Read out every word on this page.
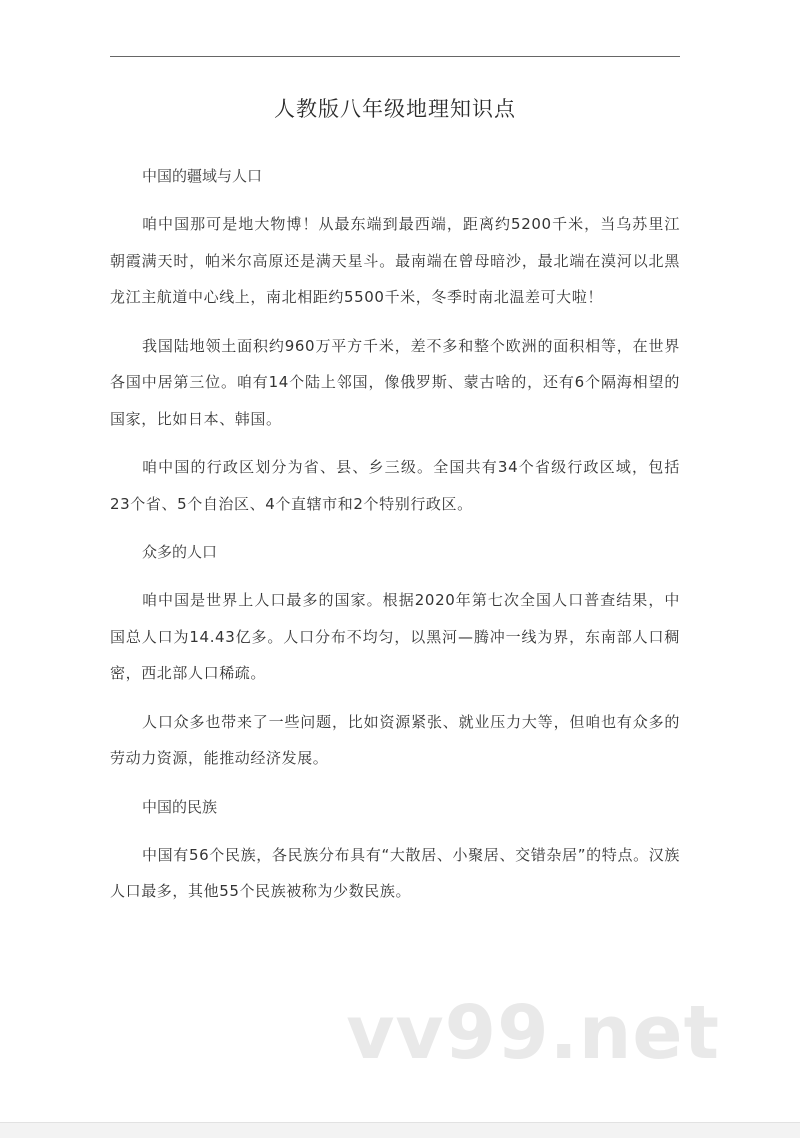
人教版八年级地理知识点
中国的疆域与人口

咱中国那可是地大物博！从最东端到最西端，距离约5200千米，当乌苏里江朝霞满天时，帕米尔高原还是满天星斗。最南端在曾母暗沙，最北端在漠河以北黑龙江主航道中心线上，南北相距约5500千米，冬季时南北温差可大啦！

我国陆地领土面积约960万平方千米，差不多和整个欧洲的面积相等，在世界各国中居第三位。咱有14个陆上邻国，像俄罗斯、蒙古啥的，还有6个隔海相望的国家，比如日本、韩国。

咱中国的行政区划分为省、县、乡三级。全国共有34个省级行政区域，包括23个省、5个自治区、4个直辖市和2个特别行政区。

众多的人口

咱中国是世界上人口最多的国家。根据2020年第七次全国人口普查结果，中国总人口为14.43亿多。人口分布不均匀，以黑河—腾冲一线为界，东南部人口稠密，西北部人口稀疏。

人口众多也带来了一些问题，比如资源紧张、就业压力大等，但咱也有众多的劳动力资源，能推动经济发展。

中国的民族

中国有56个民族，各民族分布具有“大散居、小聚居、交错杂居”的特点。汉族人口最多，其他55个民族被称为少数民族。

vv99.net
